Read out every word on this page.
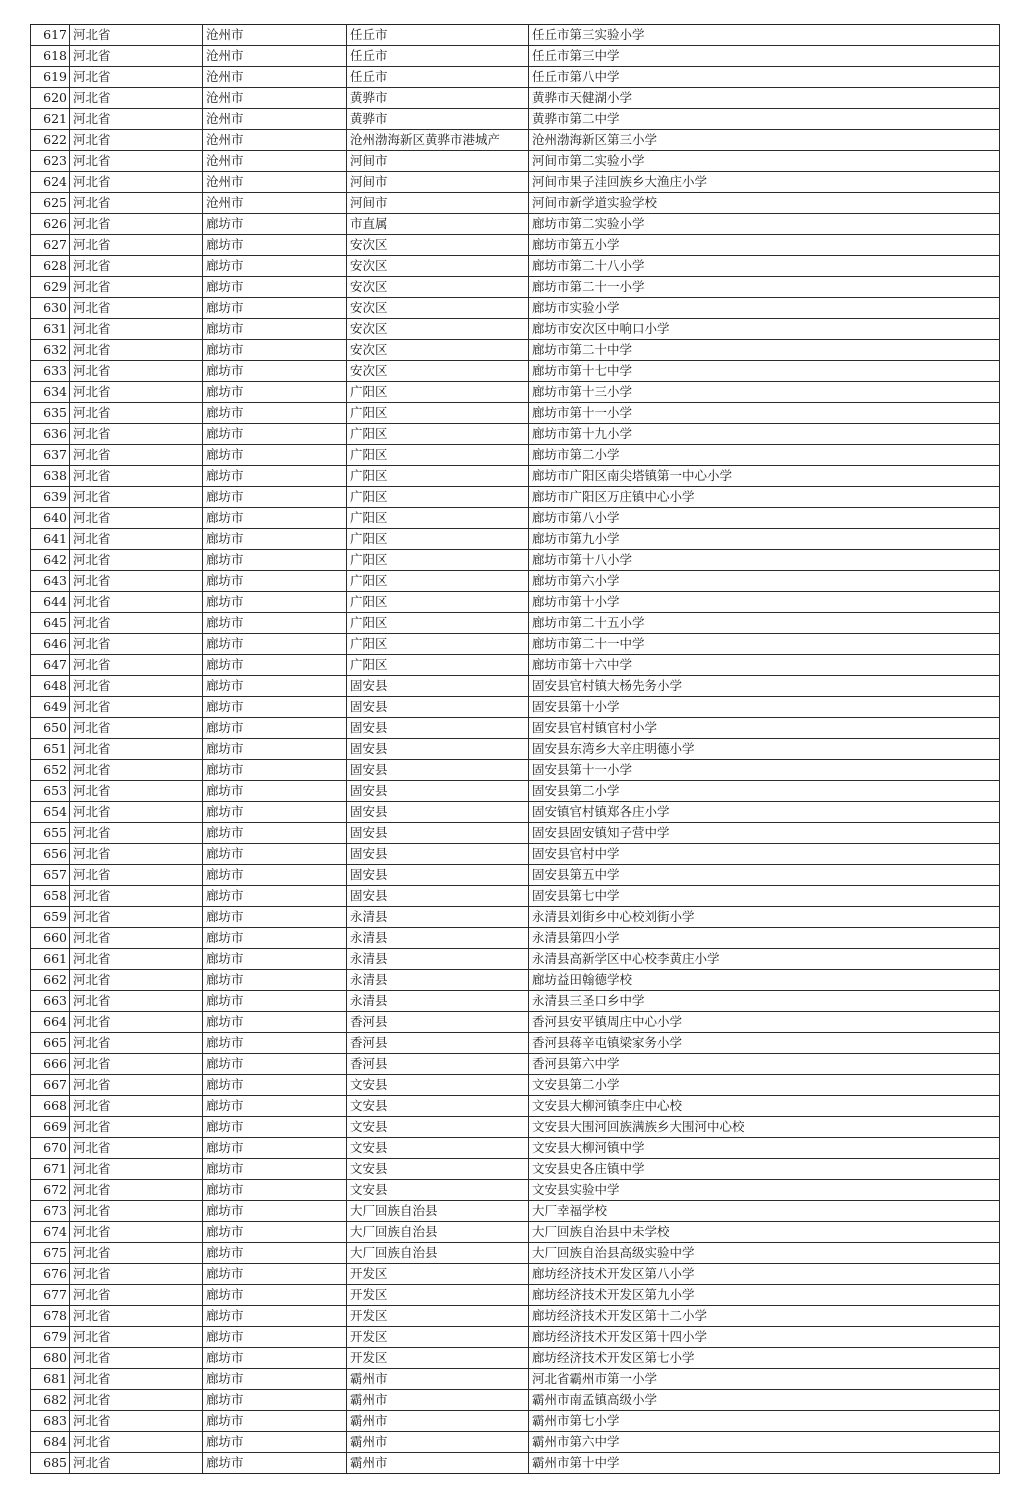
617	河北省	沧州市	任丘市	任丘市第三实验小学
618	河北省	沧州市	任丘市	任丘市第三中学
619	河北省	沧州市	任丘市	任丘市第八中学
620	河北省	沧州市	黄骅市	黄骅市天健湖小学
621	河北省	沧州市	黄骅市	黄骅市第二中学
622	河北省	沧州市	沧州渤海新区黄骅市港城产	沧州渤海新区第三小学
623	河北省	沧州市	河间市	河间市第二实验小学
624	河北省	沧州市	河间市	河间市果子洼回族乡大渔庄小学
625	河北省	沧州市	河间市	河间市新学道实验学校
626	河北省	廊坊市	市直属	廊坊市第二实验小学
627	河北省	廊坊市	安次区	廊坊市第五小学
628	河北省	廊坊市	安次区	廊坊市第二十八小学
629	河北省	廊坊市	安次区	廊坊市第二十一小学
630	河北省	廊坊市	安次区	廊坊市实验小学
631	河北省	廊坊市	安次区	廊坊市安次区中响口小学
632	河北省	廊坊市	安次区	廊坊市第二十中学
633	河北省	廊坊市	安次区	廊坊市第十七中学
634	河北省	廊坊市	广阳区	廊坊市第十三小学
635	河北省	廊坊市	广阳区	廊坊市第十一小学
636	河北省	廊坊市	广阳区	廊坊市第十九小学
637	河北省	廊坊市	广阳区	廊坊市第二小学
638	河北省	廊坊市	广阳区	廊坊市广阳区南尖塔镇第一中心小学
639	河北省	廊坊市	广阳区	廊坊市广阳区万庄镇中心小学
640	河北省	廊坊市	广阳区	廊坊市第八小学
641	河北省	廊坊市	广阳区	廊坊市第九小学
642	河北省	廊坊市	广阳区	廊坊市第十八小学
643	河北省	廊坊市	广阳区	廊坊市第六小学
644	河北省	廊坊市	广阳区	廊坊市第十小学
645	河北省	廊坊市	广阳区	廊坊市第二十五小学
646	河北省	廊坊市	广阳区	廊坊市第二十一中学
647	河北省	廊坊市	广阳区	廊坊市第十六中学
648	河北省	廊坊市	固安县	固安县官村镇大杨先务小学
649	河北省	廊坊市	固安县	固安县第十小学
650	河北省	廊坊市	固安县	固安县官村镇官村小学
651	河北省	廊坊市	固安县	固安县东湾乡大辛庄明德小学
652	河北省	廊坊市	固安县	固安县第十一小学
653	河北省	廊坊市	固安县	固安县第二小学
654	河北省	廊坊市	固安县	固安镇官村镇郑各庄小学
655	河北省	廊坊市	固安县	固安县固安镇知子营中学
656	河北省	廊坊市	固安县	固安县官村中学
657	河北省	廊坊市	固安县	固安县第五中学
658	河北省	廊坊市	固安县	固安县第七中学
659	河北省	廊坊市	永清县	永清县刘街乡中心校刘街小学
660	河北省	廊坊市	永清县	永清县第四小学
661	河北省	廊坊市	永清县	永清县高新学区中心校李黄庄小学
662	河北省	廊坊市	永清县	廊坊益田翰德学校
663	河北省	廊坊市	永清县	永清县三圣口乡中学
664	河北省	廊坊市	香河县	香河县安平镇周庄中心小学
665	河北省	廊坊市	香河县	香河县蒋辛屯镇梁家务小学
666	河北省	廊坊市	香河县	香河县第六中学
667	河北省	廊坊市	文安县	文安县第二小学
668	河北省	廊坊市	文安县	文安县大柳河镇李庄中心校
669	河北省	廊坊市	文安县	文安县大围河回族满族乡大围河中心校
670	河北省	廊坊市	文安县	文安县大柳河镇中学
671	河北省	廊坊市	文安县	文安县史各庄镇中学
672	河北省	廊坊市	文安县	文安县实验中学
673	河北省	廊坊市	大厂回族自治县	大厂幸福学校
674	河北省	廊坊市	大厂回族自治县	大厂回族自治县中未学校
675	河北省	廊坊市	大厂回族自治县	大厂回族自治县高级实验中学
676	河北省	廊坊市	开发区	廊坊经济技术开发区第八小学
677	河北省	廊坊市	开发区	廊坊经济技术开发区第九小学
678	河北省	廊坊市	开发区	廊坊经济技术开发区第十二小学
679	河北省	廊坊市	开发区	廊坊经济技术开发区第十四小学
680	河北省	廊坊市	开发区	廊坊经济技术开发区第七小学
681	河北省	廊坊市	霸州市	河北省霸州市第一小学
682	河北省	廊坊市	霸州市	霸州市南孟镇高级小学
683	河北省	廊坊市	霸州市	霸州市第七小学
684	河北省	廊坊市	霸州市	霸州市第六中学
685	河北省	廊坊市	霸州市	霸州市第十中学
